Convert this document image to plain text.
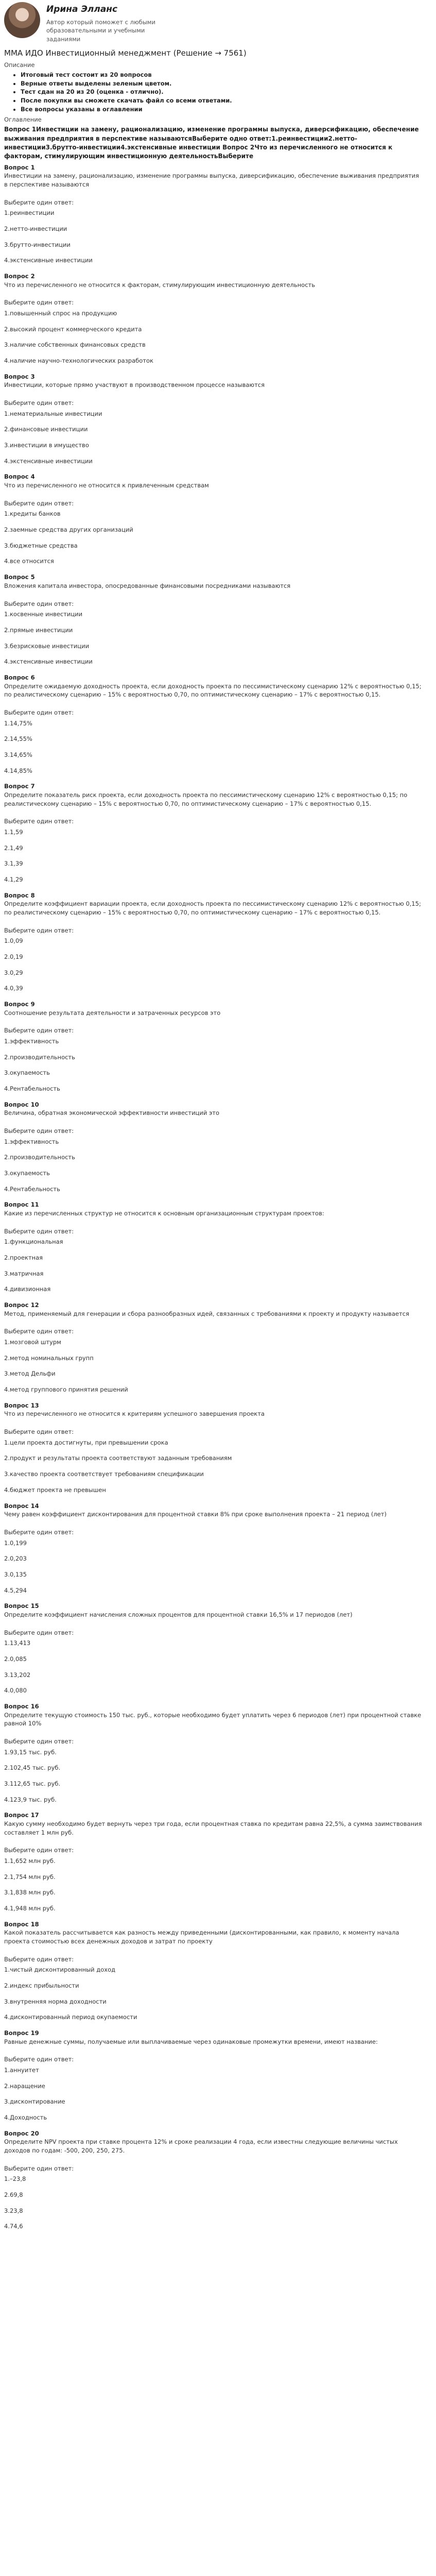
Ирина Элланс
Автор который поможет с любыми образовательными и учебными заданиями
ММА ИДО Инвестиционный менеджмент (Решение → 7561)
Описание
• Итоговый тест состоит из 20 вопросов
• Верные ответы выделены зеленым цветом.
• Тест сдан на 20 из 20 (оценка - отлично).
• После покупки вы сможете скачать файл со всеми ответами.
• Все вопросы указаны в оглавлении
Оглавление
Вопрос 1Инвестиции на замену, рационализацию, изменение программы выпуска, диверсификацию, обеспечение выживания предприятия в перспективе называютсяВыберите одно ответ:1.реинвестиции2.нетто-инвестиции3.брутто-инвестиции4.экстенсивные инвестиции Вопрос 2Что из перечисленного не относится к факторам, стимулирующим инвестиционную деятельностьВыберите
Вопрос 1
Инвестиции на замену, рационализацию, изменение программы выпуска, диверсификацию, обеспечение выживания предприятия в перспективе называются
Выберите один ответ:
1.реинвестиции
2.нетто-инвестиции
3.брутто-инвестиции
4.экстенсивные инвестиции
Вопрос 2
Что из перечисленного не относится к факторам, стимулирующим инвестиционную деятельность
Выберите один ответ:
1.повышенный спрос на продукцию
2.высокий процент коммерческого кредита
3.наличие собственных финансовых средств
4.наличие научно-технологических разработок
Вопрос 3
Инвестиции, которые прямо участвуют в производственном процессе называются
Выберите один ответ:
1.нематериальные инвестиции
2.финансовые инвестиции
3.инвестиции в имущество
4.экстенсивные инвестиции
Вопрос 4
Что из перечисленного не относится к привлеченным средствам
Выберите один ответ:
1.кредиты банков
2.заемные средства других организаций
3.бюджетные средства
4.все относится
Вопрос 5
Вложения капитала инвестора, опосредованные финансовыми посредниками называются
Выберите один ответ:
1.косвенные инвестиции
2.прямые инвестиции
3.безрисковые инвестиции
4.экстенсивные инвестиции
Вопрос 6
Определите ожидаемую доходность проекта, если доходность проекта по пессимистическому сценарию 12% с вероятностью 0,15; по реалистическому сценарию – 15% с вероятностью 0,70, по оптимистическому сценарию – 17% с вероятностью 0,15.
Выберите один ответ:
1.14,75%
2.14,55%
3.14,65%
4.14,85%
Вопрос 7
Определите показатель риск проекта, если доходность проекта по пессимистическому сценарию 12% с вероятностью 0,15; по реалистическому сценарию – 15% с вероятностью 0,70, по оптимистическому сценарию – 17% с вероятностью 0,15.
Выберите один ответ:
1.1,59
2.1,49
3.1,39
4.1,29
Вопрос 8
Определите коэффициент вариации проекта, если доходность проекта по пессимистическому сценарию 12% с вероятностью 0,15; по реалистическому сценарию – 15% с вероятностью 0,70, по оптимистическому сценарию – 17% с вероятностью 0,15.
Выберите один ответ:
1.0,09
2.0,19
3.0,29
4.0,39
Вопрос 9
Соотношение результата деятельности и затраченных ресурсов это
Выберите один ответ:
1.эффективность
2.производительность
3.окупаемость
4.Рентабельность
Вопрос 10
Величина, обратная экономической эффективности инвестиций это
Выберите один ответ:
1.эффективность
2.производительность
3.окупаемость
4.Рентабельность
Вопрос 11
Какие из перечисленных структур не относится к основным организационным структурам проектов:
Выберите один ответ:
1.функциональная
2.проектная
3.матричная
4.дивизионная
Вопрос 12
Метод, применяемый для генерации и сбора разнообразных идей, связанных с требованиями к проекту и продукту называется
Выберите один ответ:
1.мозговой штурм
2.метод номинальных групп
3.метод Дельфи
4.метод группового принятия решений
Вопрос 13
Что из перечисленного не относится к критериям успешного завершения проекта
Выберите один ответ:
1.цели проекта достигнуты, при превышении срока
2.продукт и результаты проекта соответствуют заданным требованиям
3.качество проекта соответствует требованиям спецификации
4.бюджет проекта не превышен
Вопрос 14
Чему равен коэффициент дисконтирования для процентной ставки 8% при сроке выполнения проекта – 21 период (лет)
Выберите один ответ:
1.0,199
2.0,203
3.0,135
4.5,294
Вопрос 15
Определите коэффициент начисления сложных процентов для процентной ставки 16,5% и 17 периодов (лет)
Выберите один ответ:
1.13,413
2.0,085
3.13,202
4.0,080
Вопрос 16
Определите текущую стоимость 150 тыс. руб., которые необходимо будет уплатить через 6 периодов (лет) при процентной ставке равной 10%
Выберите один ответ:
1.93,15 тыс. руб.
2.102,45 тыс. руб.
3.112,65 тыс. руб.
4.123,9 тыс. руб.
Вопрос 17
Какую сумму необходимо будет вернуть через три года, если процентная ставка по кредитам равна 22,5%, а сумма заимствования составляет 1 млн руб.
Выберите один ответ:
1.1,652 млн руб.
2.1,754 млн руб.
3.1,838 млн руб.
4.1,948 млн руб.
Вопрос 18
Какой показатель рассчитывается как разность между приведенными (дисконтированными, как правило, к моменту начала проекта стоимостью всех денежных доходов и затрат по проекту
Выберите один ответ:
1.чистый дисконтированный доход
2.индекс прибыльности
3.внутренняя норма доходности
4.дисконтированный период окупаемости
Вопрос 19
Равные денежные суммы, получаемые или выплачиваемые через одинаковые промежутки времени, имеют название:
Выберите один ответ:
1.аннуитет
2.наращение
3.дисконтирование
4.Доходность
Вопрос 20
Определите NPV проекта при ставке процента 12% и сроке реализации 4 года, если известны следующие величины чистых доходов по годам: -500, 200, 250, 275.
Выберите один ответ:
1.–23,8
2.69,8
3.23,8
4.74,6
